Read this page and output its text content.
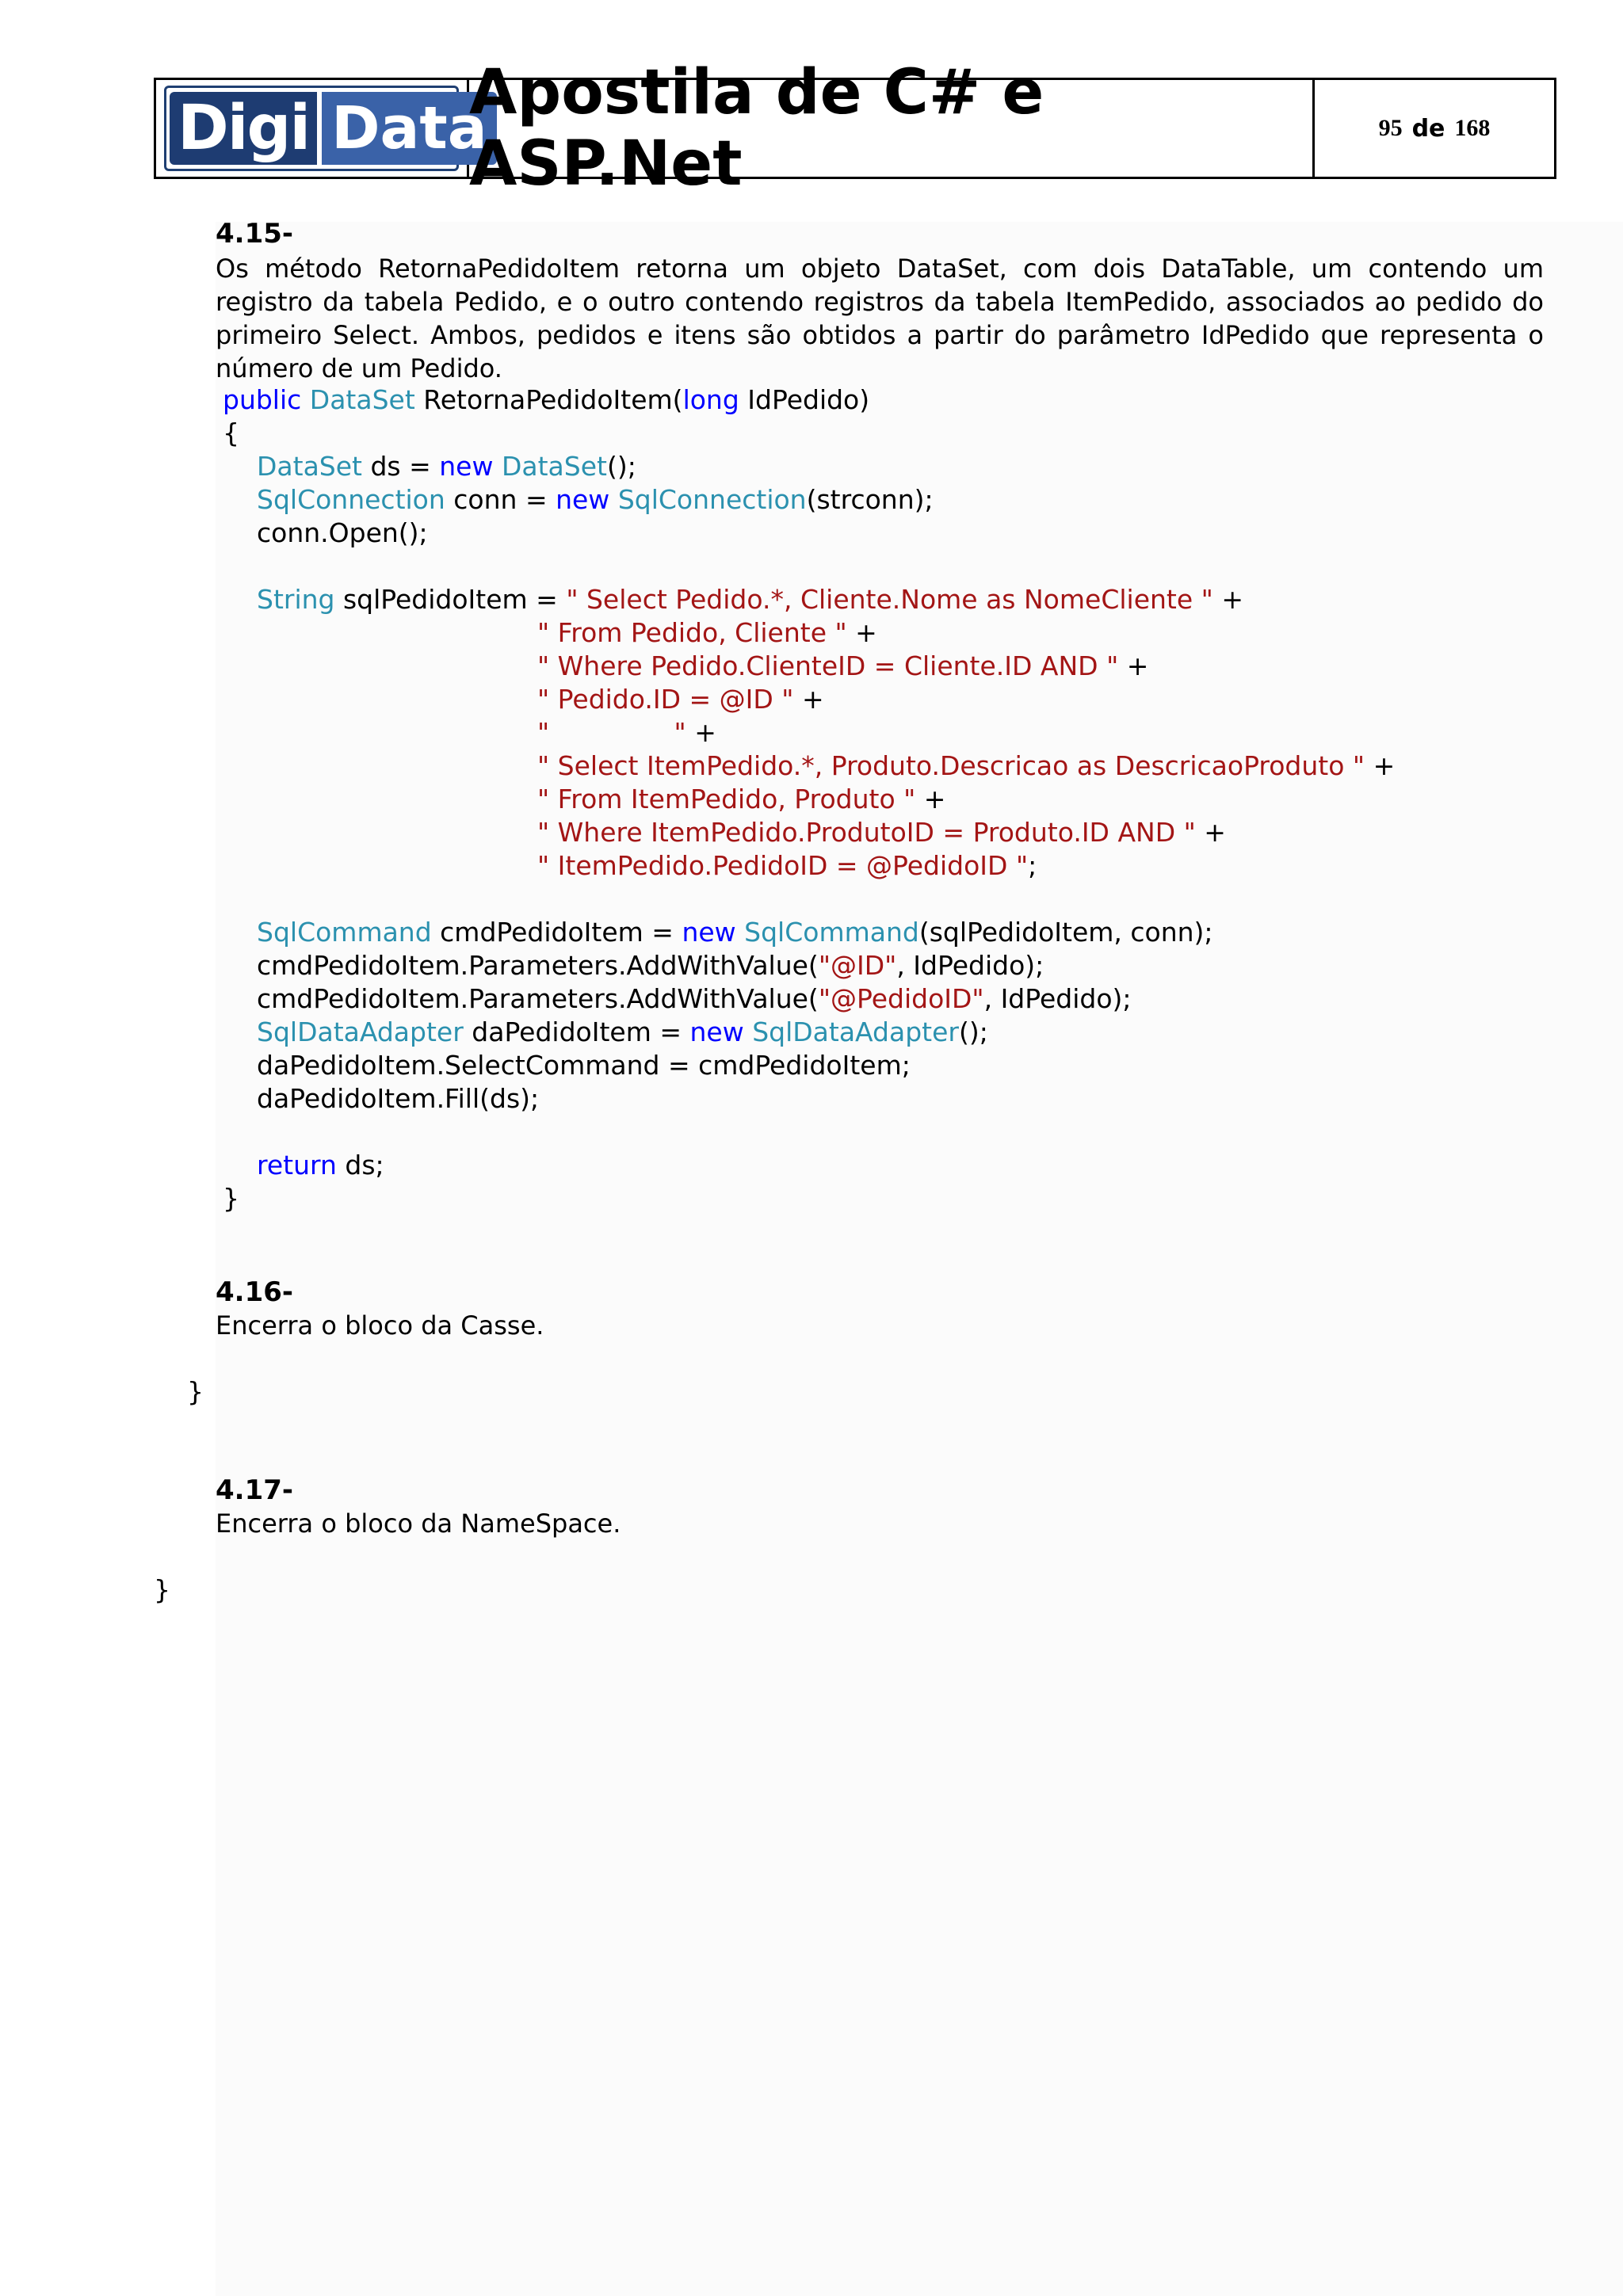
Digi Data
Apostila de C# e ASP.Net
95 de 168
4.15-
Os método RetornaPedidoItem retorna um objeto DataSet, com dois DataTable, um contendo um registro da tabela Pedido, e o outro contendo registros da tabela ItemPedido, associados ao pedido do primeiro Select. Ambos, pedidos e itens são obtidos a partir do parâmetro IdPedido que representa o número de um Pedido.
public DataSet RetornaPedidoItem(long IdPedido)
{
DataSet ds = new DataSet();
SqlConnection conn = new SqlConnection(strconn);
conn.Open();
String sqlPedidoItem = " Select Pedido.*, Cliente.Nome as NomeCliente " +
" From Pedido, Cliente " +
" Where Pedido.ClienteID = Cliente.ID AND " +
" Pedido.ID = @ID " +
"               " +
" Select ItemPedido.*, Produto.Descricao as DescricaoProduto " +
" From ItemPedido, Produto " +
" Where ItemPedido.ProdutoID = Produto.ID AND " +
" ItemPedido.PedidoID = @PedidoID ";
SqlCommand cmdPedidoItem = new SqlCommand(sqlPedidoItem, conn);
cmdPedidoItem.Parameters.AddWithValue("@ID", IdPedido);
cmdPedidoItem.Parameters.AddWithValue("@PedidoID", IdPedido);
SqlDataAdapter daPedidoItem = new SqlDataAdapter();
daPedidoItem.SelectCommand = cmdPedidoItem;
daPedidoItem.Fill(ds);
return ds;
}
4.16-
Encerra o bloco da Casse.
}
4.17-
Encerra o bloco da NameSpace.
}
